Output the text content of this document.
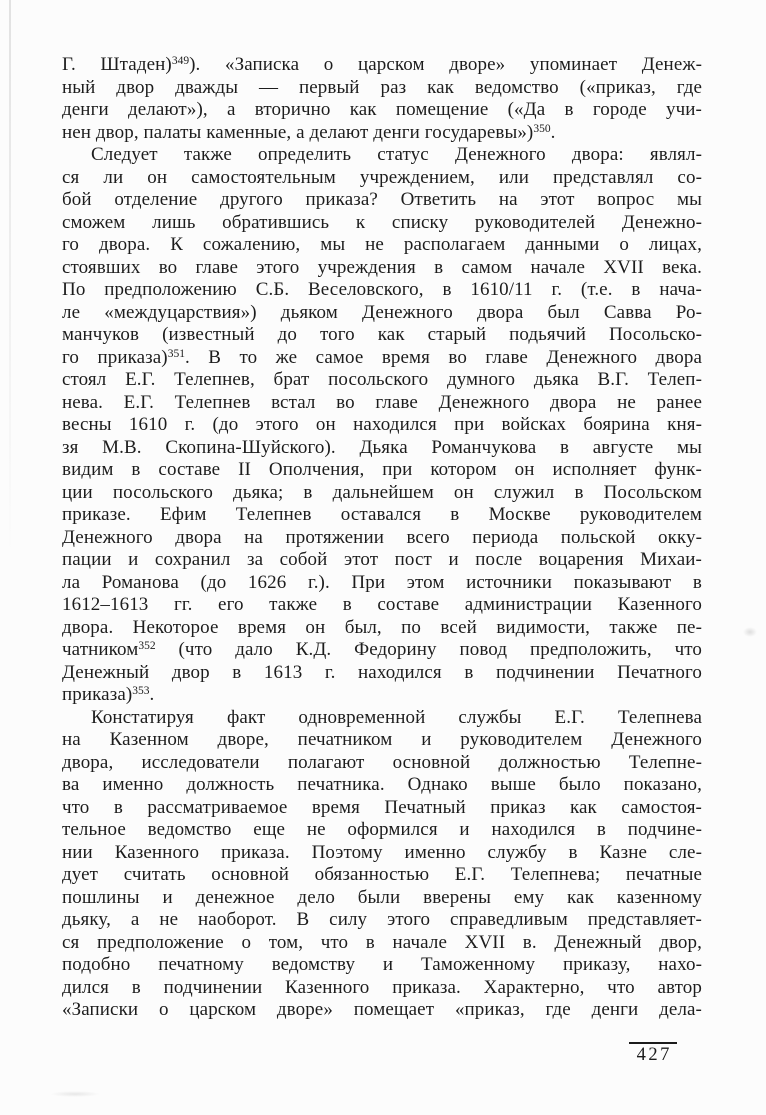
Г. Штаден)$^{349}$). «Записка о царском дворе» упоминает Денеж-
ный двор дважды — первый раз как ведомство («приказ, где
денги делают»), а вторично как помещение («Да в городе учи-
нен двор, палаты каменные, а делают денги государевы»)$^{350}$.
Следует также определить статус Денежного двора: являл-
ся ли он самостоятельным учреждением, или представлял со-
бой отделение другого приказа? Ответить на этот вопрос мы
сможем лишь обратившись к списку руководителей Денежно-
го двора. К сожалению, мы не располагаем данными о лицах,
стоявших во главе этого учреждения в самом начале XVII века.
По предположению С.Б. Веселовского, в 1610/11 г. (т.е. в нача-
ле «междуцарствия») дьяком Денежного двора был Савва Ро-
манчуков (известный до того как старый подьячий Посольско-
го приказа)$^{351}$. В то же самое время во главе Денежного двора
стоял Е.Г. Телепнев, брат посольского думного дьяка В.Г. Телеп-
нева. Е.Г. Телепнев встал во главе Денежного двора не ранее
весны 1610 г. (до этого он находился при войсках боярина кня-
зя М.В. Скопина-Шуйского). Дьяка Романчукова в августе мы
видим в составе II Ополчения, при котором он исполняет функ-
ции посольского дьяка; в дальнейшем он служил в Посольском
приказе. Ефим Телепнев оставался в Москве руководителем
Денежного двора на протяжении всего периода польской окку-
пации и сохранил за собой этот пост и после воцарения Михаи-
ла Романова (до 1626 г.). При этом источники показывают в
1612–1613 гг. его также в составе администрации Казенного
двора. Некоторое время он был, по всей видимости, также пе-
чатником$^{352}$ (что дало К.Д. Федорину повод предположить, что
Денежный двор в 1613 г. находился в подчинении Печатного
приказа)$^{353}$.
Констатируя факт одновременной службы Е.Г. Телепнева
на Казенном дворе, печатником и руководителем Денежного
двора, исследователи полагают основной должностью Телепне-
ва именно должность печатника. Однако выше было показано,
что в рассматриваемое время Печатный приказ как самостоя-
тельное ведомство еще не оформился и находился в подчине-
нии Казенного приказа. Поэтому именно службу в Казне сле-
дует считать основной обязанностью Е.Г. Телепнева; печатные
пошлины и денежное дело были вверены ему как казенному
дьяку, а не наоборот. В силу этого справедливым представляет-
ся предположение о том, что в начале XVII в. Денежный двор,
подобно печатному ведомству и Таможенному приказу, нахо-
дился в подчинении Казенного приказа. Характерно, что автор
«Записки о царском дворе» помещает «приказ, где денги дела-
427
